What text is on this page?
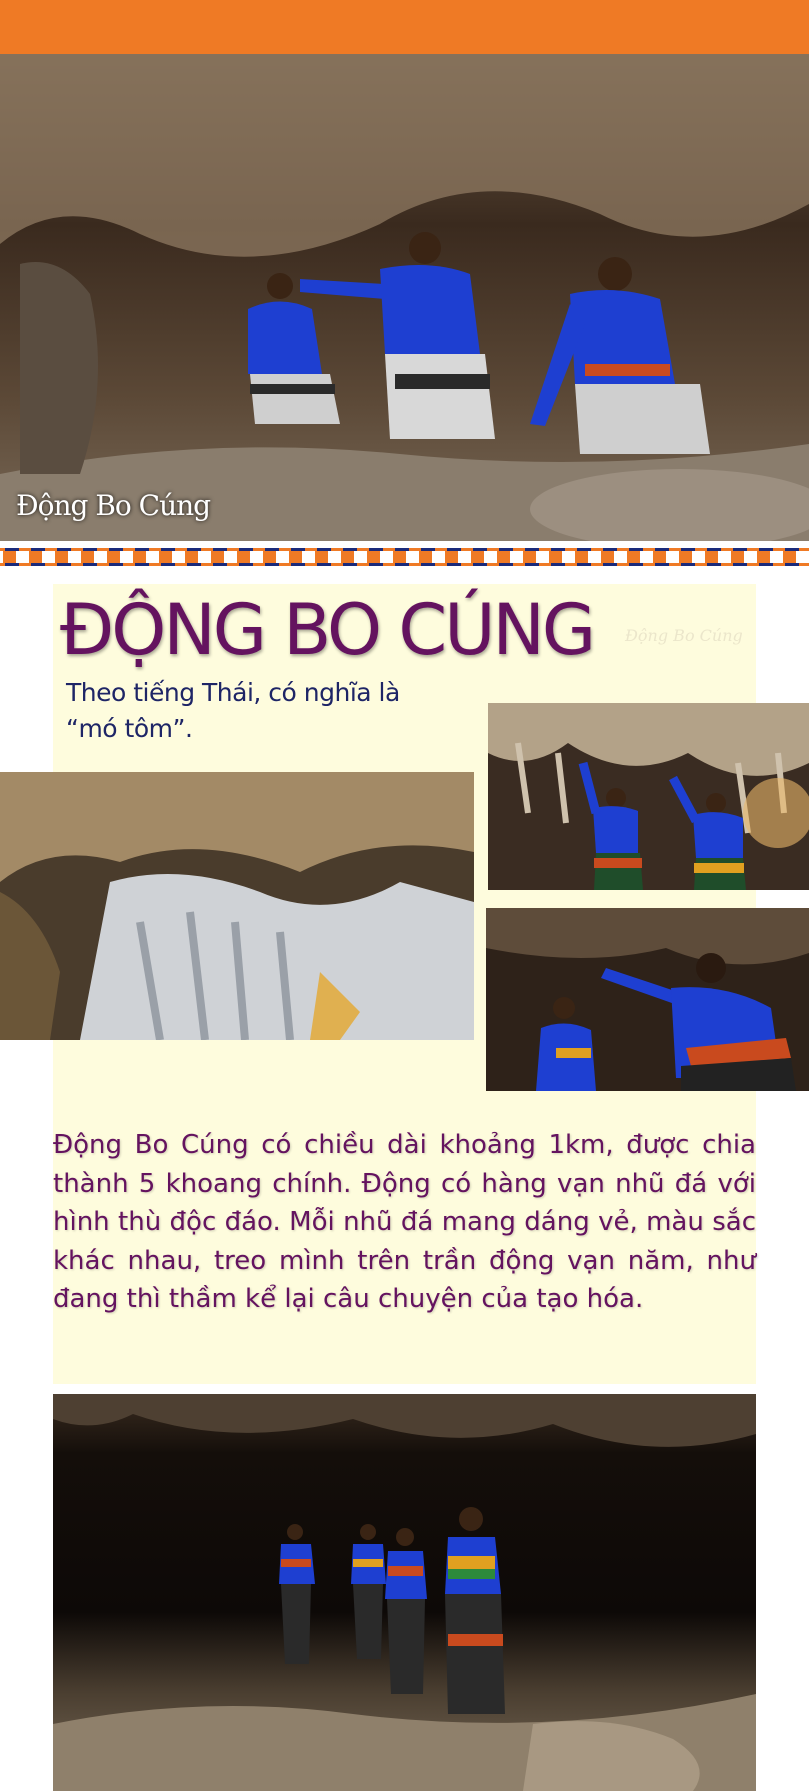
Động Bo Cúng
ĐỘNG BO CÚNG Động Bo Cúng
Theo tiếng Thái, có nghĩa là “mó tôm”.
Động Bo Cúng có chiều dài khoảng 1km, được chia thành 5 khoang chính. Động có hàng vạn nhũ đá với hình thù độc đáo. Mỗi nhũ đá mang dáng vẻ, màu sắc khác nhau, treo mình trên trần động vạn năm, như đang thì thầm kể lại câu chuyện của tạo hóa.
